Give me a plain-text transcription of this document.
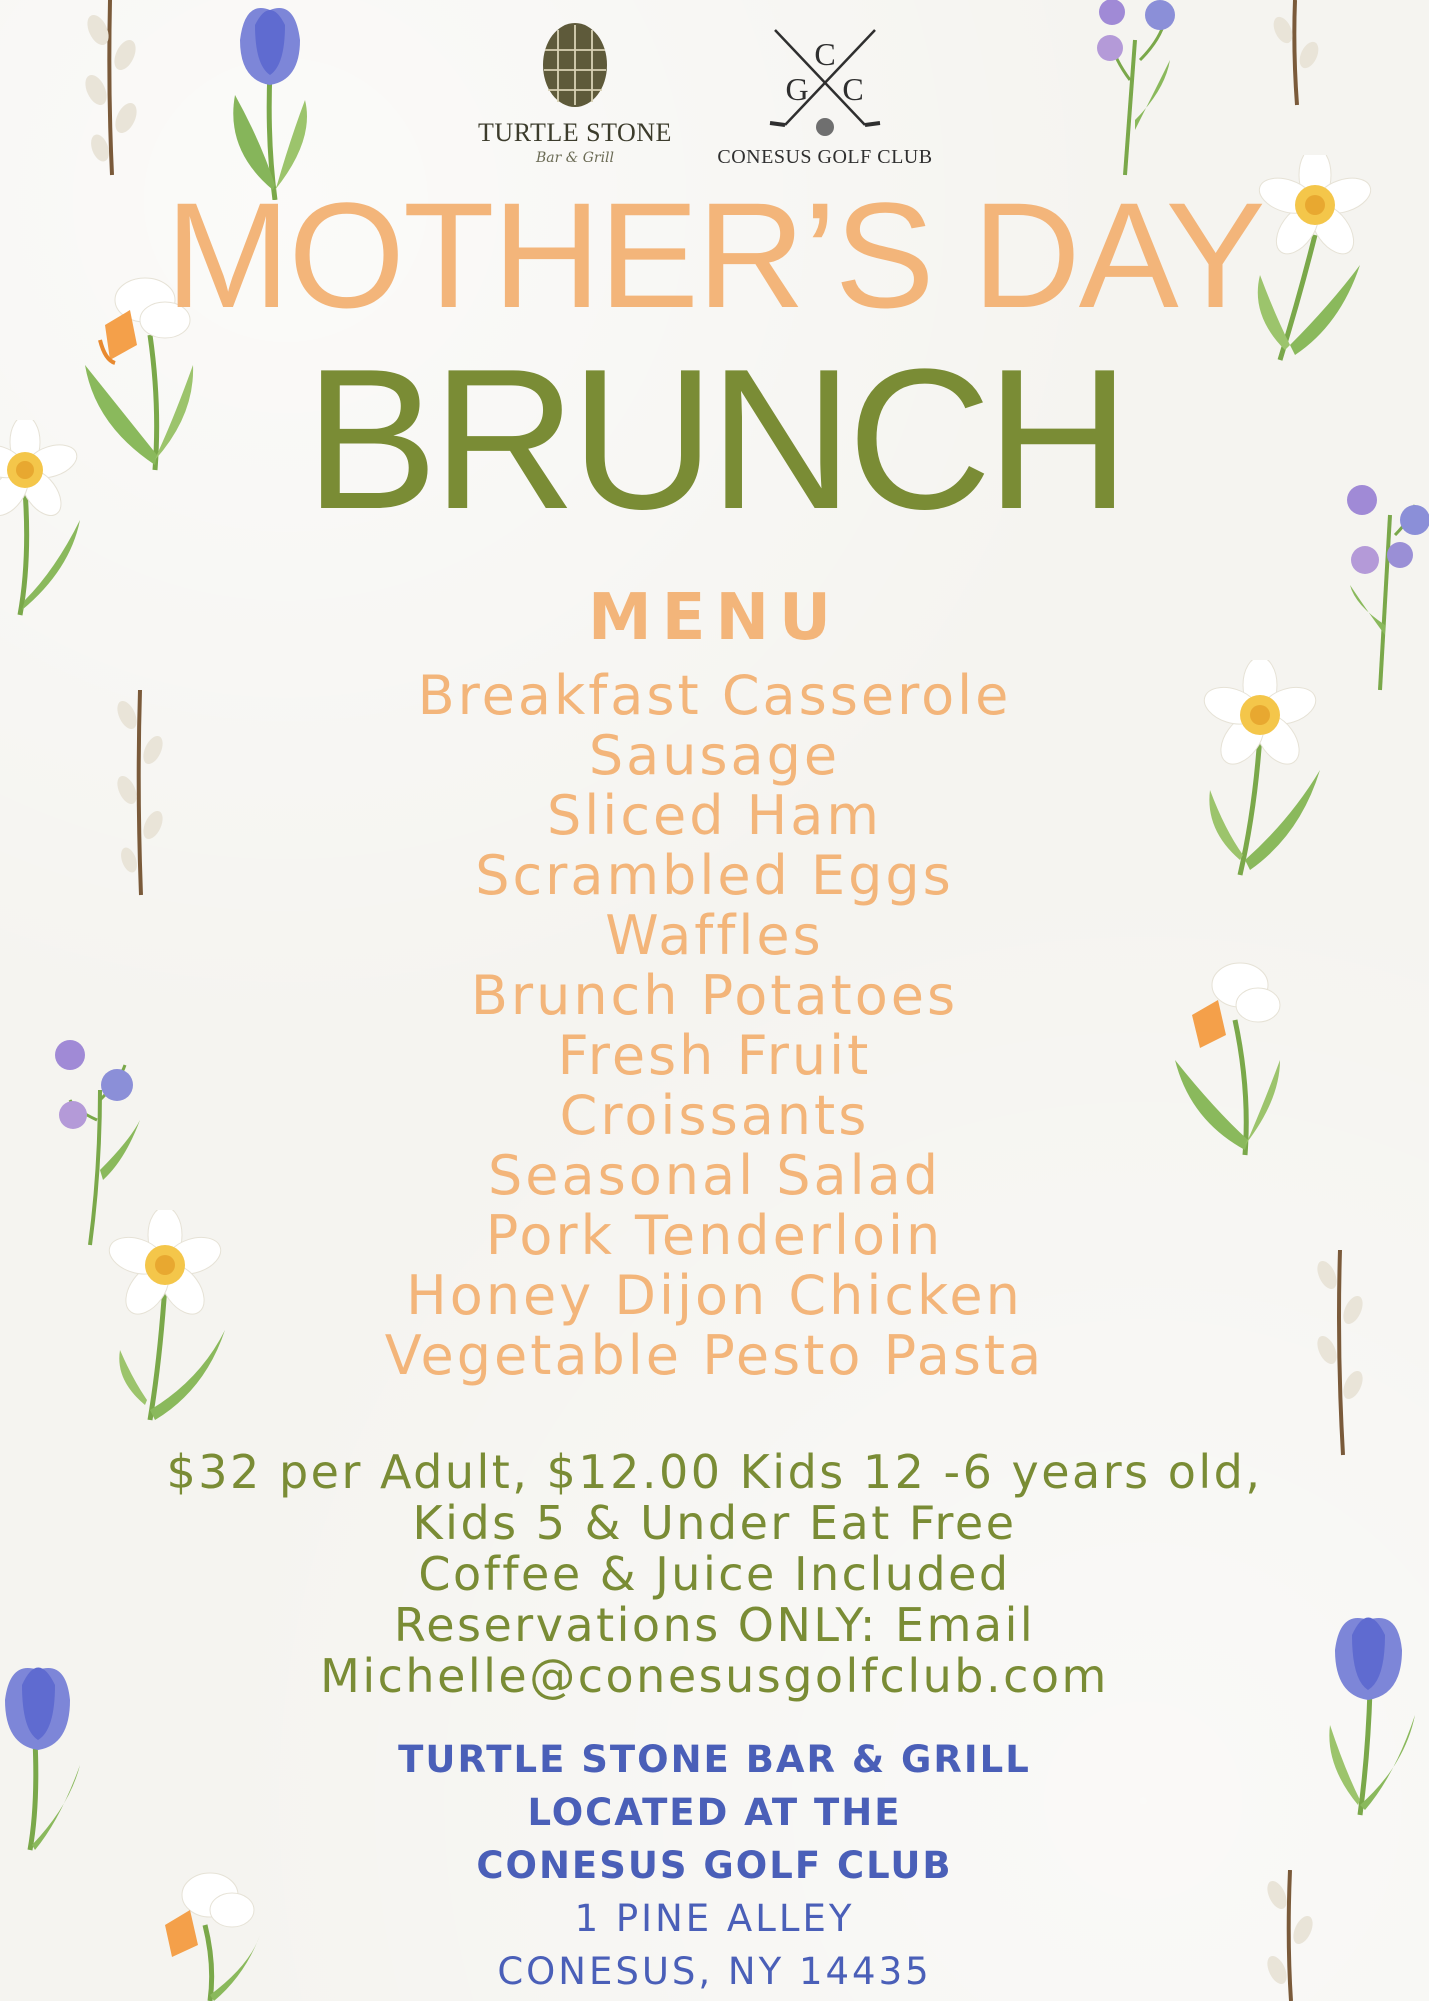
TURTLE STONE
Bar & Grill
C
G C
CONESUS GOLF CLUB
MOTHER’S DAY
BRUNCH
MENU
Breakfast Casserole
Sausage
Sliced Ham
Scrambled Eggs
Waffles
Brunch Potatoes
Fresh Fruit
Croissants
Seasonal Salad
Pork Tenderloin
Honey Dijon Chicken
Vegetable Pesto Pasta
$32 per Adult, $12.00 Kids 12 -6 years old,
Kids 5 & Under Eat Free
Coffee & Juice Included
Reservations ONLY: Email
Michelle@conesusgolfclub.com
TURTLE STONE BAR & GRILL
LOCATED AT THE
CONESUS GOLF CLUB
1 PINE ALLEY
CONESUS, NY 14435
